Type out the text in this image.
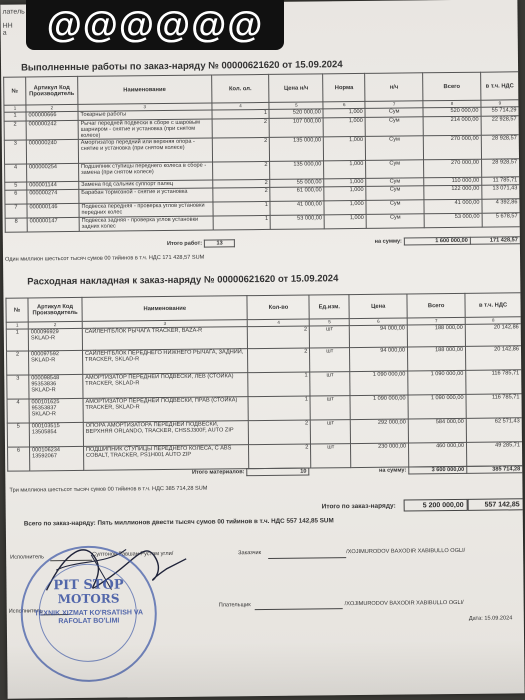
латель
НН а
Выполненные работы по заказ-наряду № 00000621620 от 15.09.2024
№	Артикул Код Производитель	Наименование	Кол. ол.	Цена н/ч	Норма	н/ч	Всего	в т.ч. НДС
1	2	3	4	5	6	7	8	9
1	000000666	Токарные работы	1	520 000,00	1,000	Сум	520 000,00	55 714,29
2	000000242	Рычаг передней подвески в сборе с шаровым шарниром - снятие и установка (при снятом колесе)	2	107 000,00	1,000	Сум	214 000,00	22 928,57
3	000000240	Амортизатор передний или верхняя опора - снятие и установка (при снятом колесе)	2	135 000,00	1,000	Сум	270 000,00	28 928,57
4	000000254	Подшипник ступицы переднего колеса в сборе - замена (при снятом колесе)	2	135 000,00	1,000	Сум	270 000,00	28 928,57
5	000001144	Замена под сальник суппорт палец	2	55 000,00	1,000	Сум	110 000,00	11 785,71
6	000000274	Барабан тормозной - снятие и установка	2	61 000,00	1,000	Сум	122 000,00	13 071,43
7	000000146	Подвеска передняя - проверка углов установки передних колес	1	41 000,00	1,000	Сум	41 000,00	4 392,86
8	000000147	Подвеска задняя - проверка углов установки задних колес	1	53 000,00	1,000	Сум	53 000,00	5 678,57
	Итого работ:	13	на сумму:	1 600 000,00	171 428,57
Один миллион шестьсот тысяч сумов 00 тийинов в т.ч. НДС 171 428,57 SUM
Расходная накладная к заказ-наряду № 00000621620 от 15.09.2024
№	Артикул Код Производитель	Наименование	Кол-во	Ед.изм.	Цена	Всего	в т.ч. НДС
1	2	3	4	5	6	7	8
1	000096929
SKLAD-R	САЙЛЕНТБЛОК РЫЧАГА TRACKER, BAZA-R	2	шт	94 000,00	188 000,00	20 142,86
2	000097592
SKLAD-R	САЙЛЕНТБЛОК ПЕРЕДНЕГО НИЖНЕГО РЫЧАГА, ЗАДНИЙ, TRACKER, SKLAD-R	2	шт	94 000,00	188 000,00	20 142,86
3	000098548 95353836
SKLAD-R	АМОРТИЗАТОР ПЕРЕДНЕЙ ПОДВЕСКИ, ЛЕВ (СТОЙКА) TRACKER, SKLAD-R	1	шт	1 090 000,00	1 090 000,00	116 785,71
4	000101625 95353837
SKLAD-R	АМОРТИЗАТОР ПЕРЕДНЕЙ ПОДВЕСКИ, ПРАВ (СТОЙКА) TRACKER, SKLAD-R	1	шт	1 090 000,00	1 090 000,00	116 785,71
5	000103515 13505854	ОПОРА АМОРТИЗАТОРА ПЕРЕДНЕЙ ПОДВЕСКИ, ВЕРХНЯЯ ORLANDO, TRACKER, CHSSJ300F, AUTO ZIP	2	шт	292 000,00	584 000,00	62 571,43
6	000106234 13592067	ПОДШИПНИК СТУПИЦЫ ПЕРЕДНЕГО КОЛЕСА, С ABS COBALT, TRACKER, PS1H001 AUTO ZIP	2	шт	230 000,00	460 000,00	49 285,71
	Итого материалов:	10	на сумму:	3 600 000,00	385 714,28
Три миллиона шестьсот тысяч сумов 00 тийинов в т.ч. НДС 385 714,28 SUM
Итого по заказ-наряду:	5 200 000,00	557 142,85
Всего по заказ-наряду: Пять миллионов двести тысяч сумов 00 тийинов в т.ч. НДС 557 142,85 SUM
Исполнитель	Султонов Равшан Рустам угли/	Заказчик	/XOJIMURODOV BAXODIR XABIBULLO OGLI/
Исполнитель
Плательщик	/XOJIMURODOV BAXODIR XABIBULLO OGLI/
Дата: 15.09.2024
PIT STOP
MOTORS
TEXNIK XIZMAT KO'RSATISH VA RAFOLAT BO'LIMI
@@@@@@
